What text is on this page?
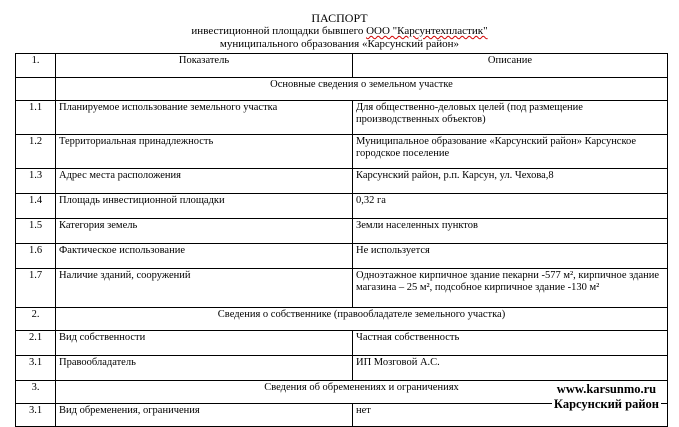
ПАСПОРТ
инвестиционной площадки бывшего ООО "Карсунтехпластик"
муниципального образования «Карсунский район»
1.	Показатель	Описание
	Основные сведения о земельном участке	
1.1	Планируемое использование земельного участка	Для общественно-деловых целей (под размещение производственных объектов)
1.2	Территориальная принадлежность	Муниципальное образование «Карсунский район» Карсунское городское поселение
1.3	Адрес места расположения	Карсунский район, р.п. Карсун, ул. Чехова,8
1.4	Площадь инвестиционной площадки	0,32 га
1.5	Категория земель	Земли населенных пунктов
1.6	Фактическое использование	Не используется
1.7	Наличие зданий, сооружений	Одноэтажное кирпичное здание пекарни -577 м², кирпичное здание магазина – 25 м², подсобное кирпичное здание -130 м²
2.	Сведения о собственнике (правообладателе земельного участка)	
2.1	Вид собственности	Частная собственность
3.1	Правообладатель	ИП Мозговой А.С.
3.	Сведения об обременениях и ограничениях	
3.1	Вид обременения, ограничения	нет
www.karsunmo.ru
Карсунский район
